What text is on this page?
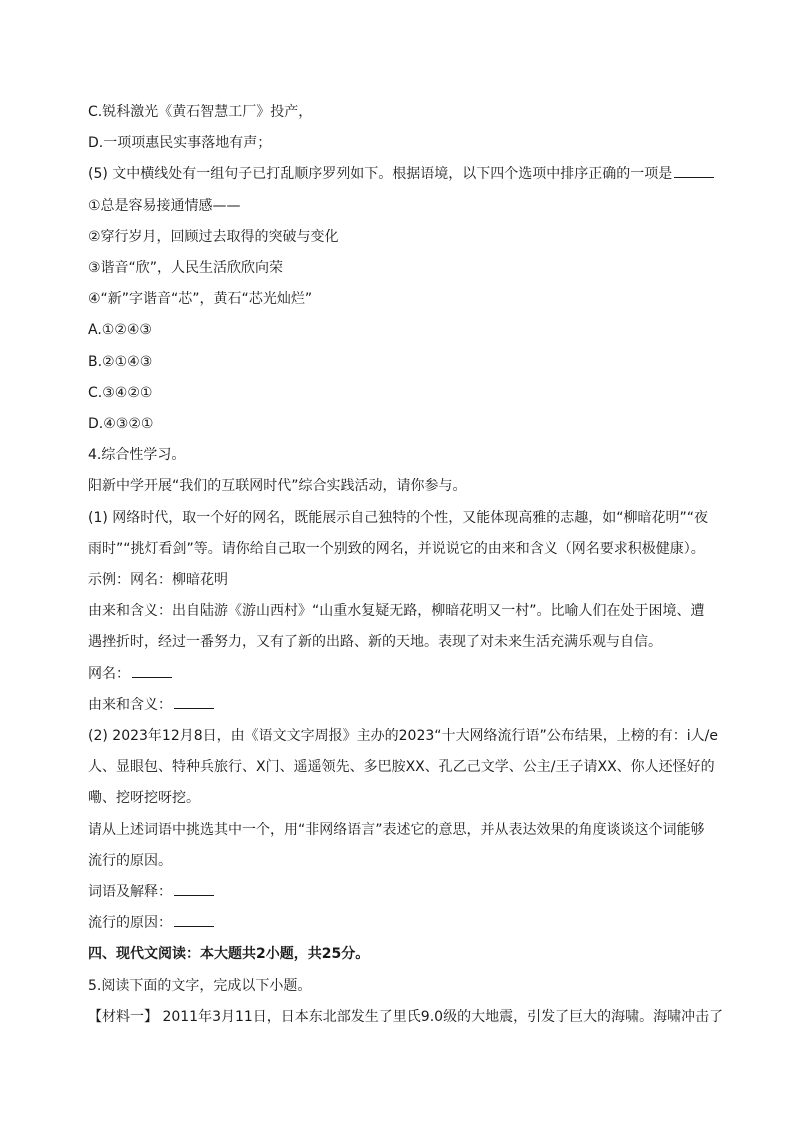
C.锐科激光《黄石智慧工厂》投产，
D.一项项惠民实事落地有声；
(5) 文中横线处有一组句子已打乱顺序罗列如下。根据语境，以下四个选项中排序正确的一项是
①总是容易接通情感——
②穿行岁月，回顾过去取得的突破与变化
③谐音“欣”，人民生活欣欣向荣
④“新”字谐音“芯”，黄石“芯光灿烂”
A.①②④③
B.②①④③
C.③④②①
D.④③②①
4.综合性学习。
阳新中学开展“我们的互联网时代”综合实践活动，请你参与。
(1) 网络时代，取一个好的网名，既能展示自己独特的个性，又能体现高雅的志趣，如“柳暗花明”“夜雨时”“挑灯看剑”等。请你给自己取一个别致的网名，并说说它的由来和含义（网名要求积极健康）。
示例：网名：柳暗花明
由来和含义：出自陆游《游山西村》“山重水复疑无路，柳暗花明又一村”。比喻人们在处于困境、遭遇挫折时，经过一番努力，又有了新的出路、新的天地。表现了对未来生活充满乐观与自信。
网名：
由来和含义：
(2) 2023年12月8日，由《语文文字周报》主办的2023“十大网络流行语”公布结果，上榜的有：i人/e人、显眼包、特种兵旅行、X门、遥遥领先、多巴胺XX、孔乙己文学、公主/王子请XX、你人还怪好的嘞、挖呀挖呀挖。
请从上述词语中挑选其中一个，用“非网络语言”表述它的意思，并从表达效果的角度谈谈这个词能够流行的原因。
词语及解释：
流行的原因：
四、现代文阅读：本大题共2小题，共25分。
5.阅读下面的文字，完成以下小题。
【材料一】 2011年3月11日，日本东北部发生了里氏9.0级的大地震，引发了巨大的海啸。海啸冲击了
